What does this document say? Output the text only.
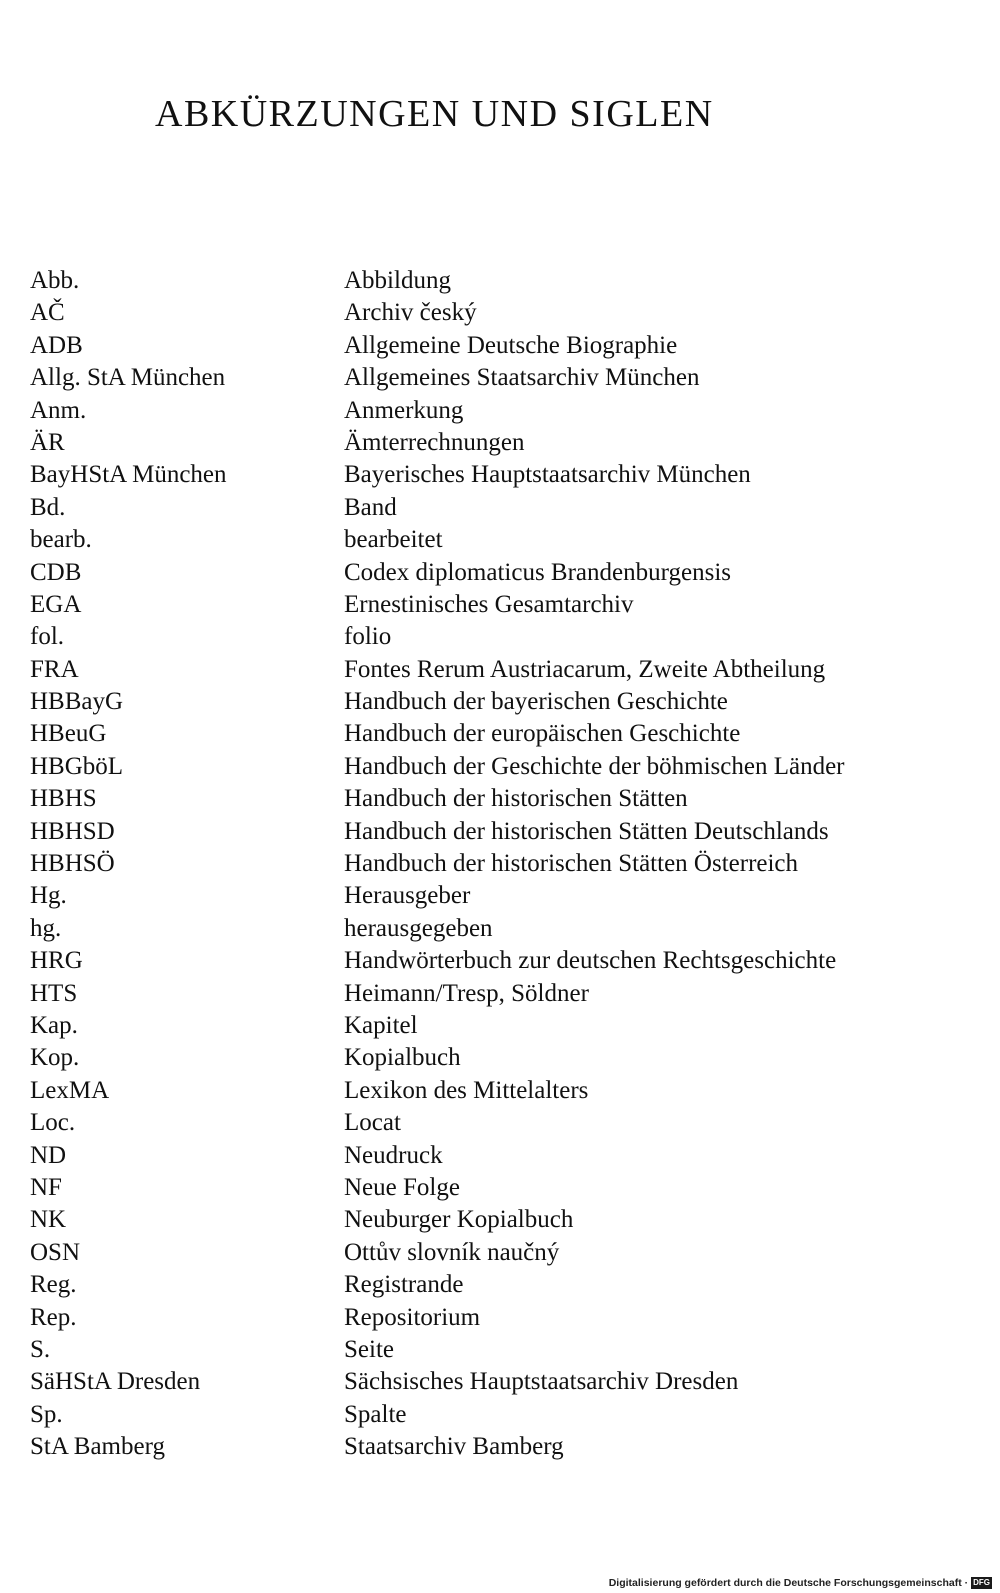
ABKÜRZUNGEN UND SIGLEN
Abb.	Abbildung
AČ	Archiv český
ADB	Allgemeine Deutsche Biographie
Allg. StA München	Allgemeines Staatsarchiv München
Anm.	Anmerkung
ÄR	Ämterrechnungen
BayHStA München	Bayerisches Hauptstaatsarchiv München
Bd.	Band
bearb.	bearbeitet
CDB	Codex diplomaticus Brandenburgensis
EGA	Ernestinisches Gesamtarchiv
fol.	folio
FRA	Fontes Rerum Austriacarum, Zweite Abtheilung
HBBayG	Handbuch der bayerischen Geschichte
HBeuG	Handbuch der europäischen Geschichte
HBGböL	Handbuch der Geschichte der böhmischen Länder
HBHS	Handbuch der historischen Stätten
HBHSD	Handbuch der historischen Stätten Deutschlands
HBHSÖ	Handbuch der historischen Stätten Österreich
Hg.	Herausgeber
hg.	herausgegeben
HRG	Handwörterbuch zur deutschen Rechtsgeschichte
HTS	Heimann/Tresp, Söldner
Kap.	Kapitel
Kop.	Kopialbuch
LexMA	Lexikon des Mittelalters
Loc.	Locat
ND	Neudruck
NF	Neue Folge
NK	Neuburger Kopialbuch
OSN	Ottův slovník naučný
Reg.	Registrande
Rep.	Repositorium
S.	Seite
SäHStA Dresden	Sächsisches Hauptstaatsarchiv Dresden
Sp.	Spalte
StA Bamberg	Staatsarchiv Bamberg
Digitalisierung gefördert durch die Deutsche Forschungsgemeinschaft · DFG
